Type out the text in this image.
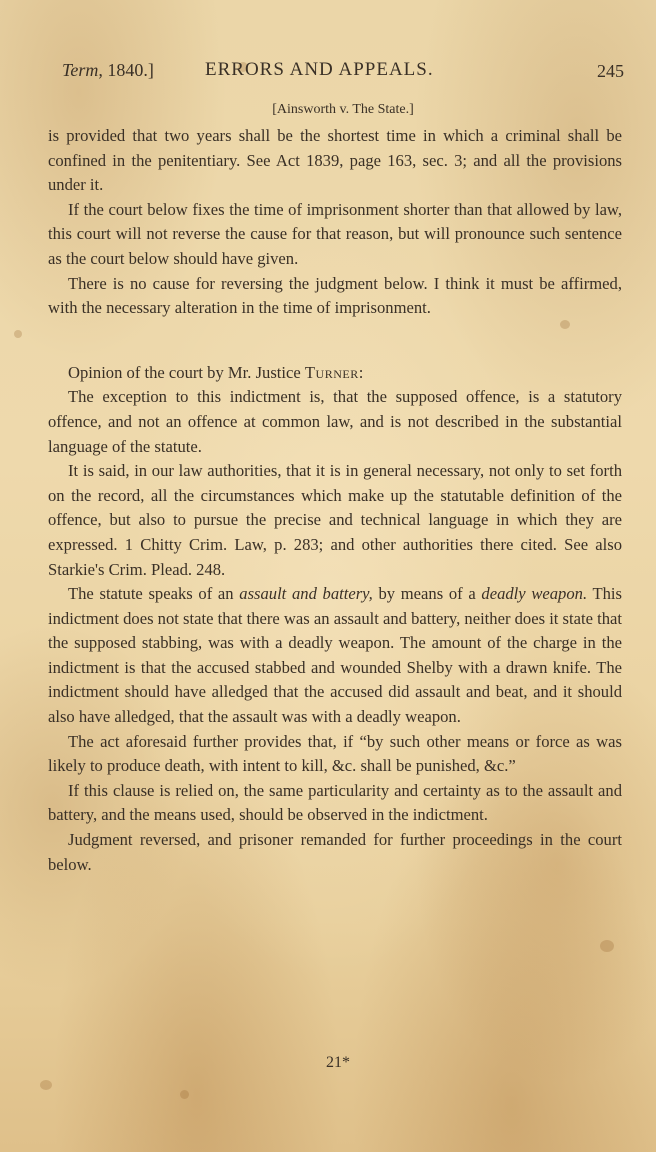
Term, 1840.]	ERRORS AND APPEALS.	245
[Ainsworth v. The State.]

is provided that two years shall be the shortest time in which a criminal shall be confined in the penitentiary. See Act 1839, page 163, sec. 3; and all the provisions under it.

If the court below fixes the time of imprisonment shorter than that allowed by law, this court will not reverse the cause for that reason, but will pronounce such sentence as the court below should have given.

There is no cause for reversing the judgment below. I think it must be affirmed, with the necessary alteration in the time of imprisonment.

Opinion of the court by Mr. Justice Turner:

The exception to this indictment is, that the supposed offence, is a statutory offence, and not an offence at common law, and is not described in the substantial language of the statute.

It is said, in our law authorities, that it is in general necessary, not only to set forth on the record, all the circumstances which make up the statutable definition of the offence, but also to pursue the precise and technical language in which they are expressed. 1 Chitty Crim. Law, p. 283; and other authorities there cited. See also Starkie's Crim. Plead. 248.

The statute speaks of an assault and battery, by means of a deadly weapon. This indictment does not state that there was an assault and battery, neither does it state that the supposed stabbing, was with a deadly weapon. The amount of the charge in the indictment is that the accused stabbed and wounded Shelby with a drawn knife. The indictment should have alledged that the accused did assault and beat, and it should also have alledged, that the assault was with a deadly weapon.

The act aforesaid further provides that, if “by such other means or force as was likely to produce death, with intent to kill, &c. shall be punished, &c.”

If this clause is relied on, the same particularity and certainty as to the assault and battery, and the means used, should be observed in the indictment.

Judgment reversed, and prisoner remanded for further proceedings in the court below.

21*
